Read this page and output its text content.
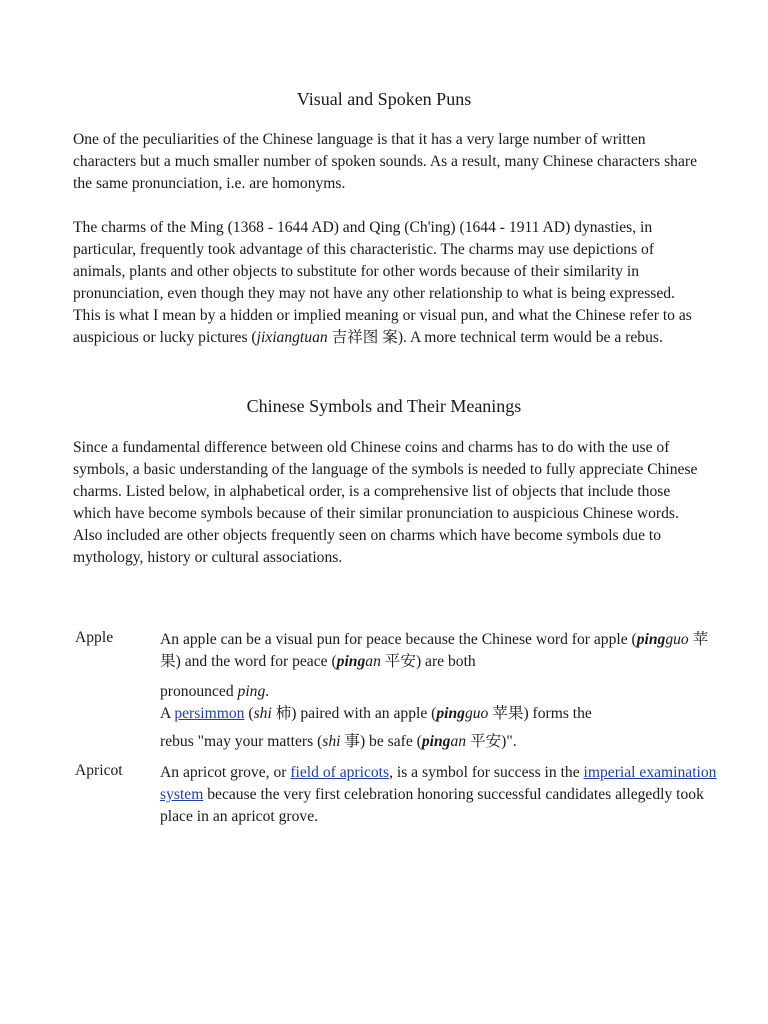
Visual and Spoken Puns

One of the peculiarities of the Chinese language is that it has a very large number of written characters but a much smaller number of spoken sounds. As a result, many Chinese characters share the same pronunciation, i.e. are homonyms.

The charms of the Ming (1368 - 1644 AD) and Qing (Ch'ing) (1644 - 1911 AD) dynasties, in particular, frequently took advantage of this characteristic. The charms may use depictions of animals, plants and other objects to substitute for other words because of their similarity in pronunciation, even though they may not have any other relationship to what is being expressed. This is what I mean by a hidden or implied meaning or visual pun, and what the Chinese refer to as auspicious or lucky pictures (jixiangtuan 吉祥图 案). A more technical term would be a rebus.

Chinese Symbols and Their Meanings

Since a fundamental difference between old Chinese coins and charms has to do with the use of symbols, a basic understanding of the language of the symbols is needed to fully appreciate Chinese charms. Listed below, in alphabetical order, is a comprehensive list of objects that include those which have become symbols because of their similar pronunciation to auspicious Chinese words. Also included are other objects frequently seen on charms which have become symbols due to mythology, history or cultural associations.

Apple	An apple can be a visual pun for peace because the Chinese word for apple (pingguo 苹果) and the word for peace (pingan 平安) are both
pronounced ping.
A persimmon (shi 柿) paired with an apple (pingguo 苹果) forms the
rebus "may your matters (shi 事) be safe (pingan 平安)".

Apricot An apricot grove, or field of apricots, is a symbol for success in the imperial examination system because the very first celebration honoring successful candidates allegedly took place in an apricot grove.
